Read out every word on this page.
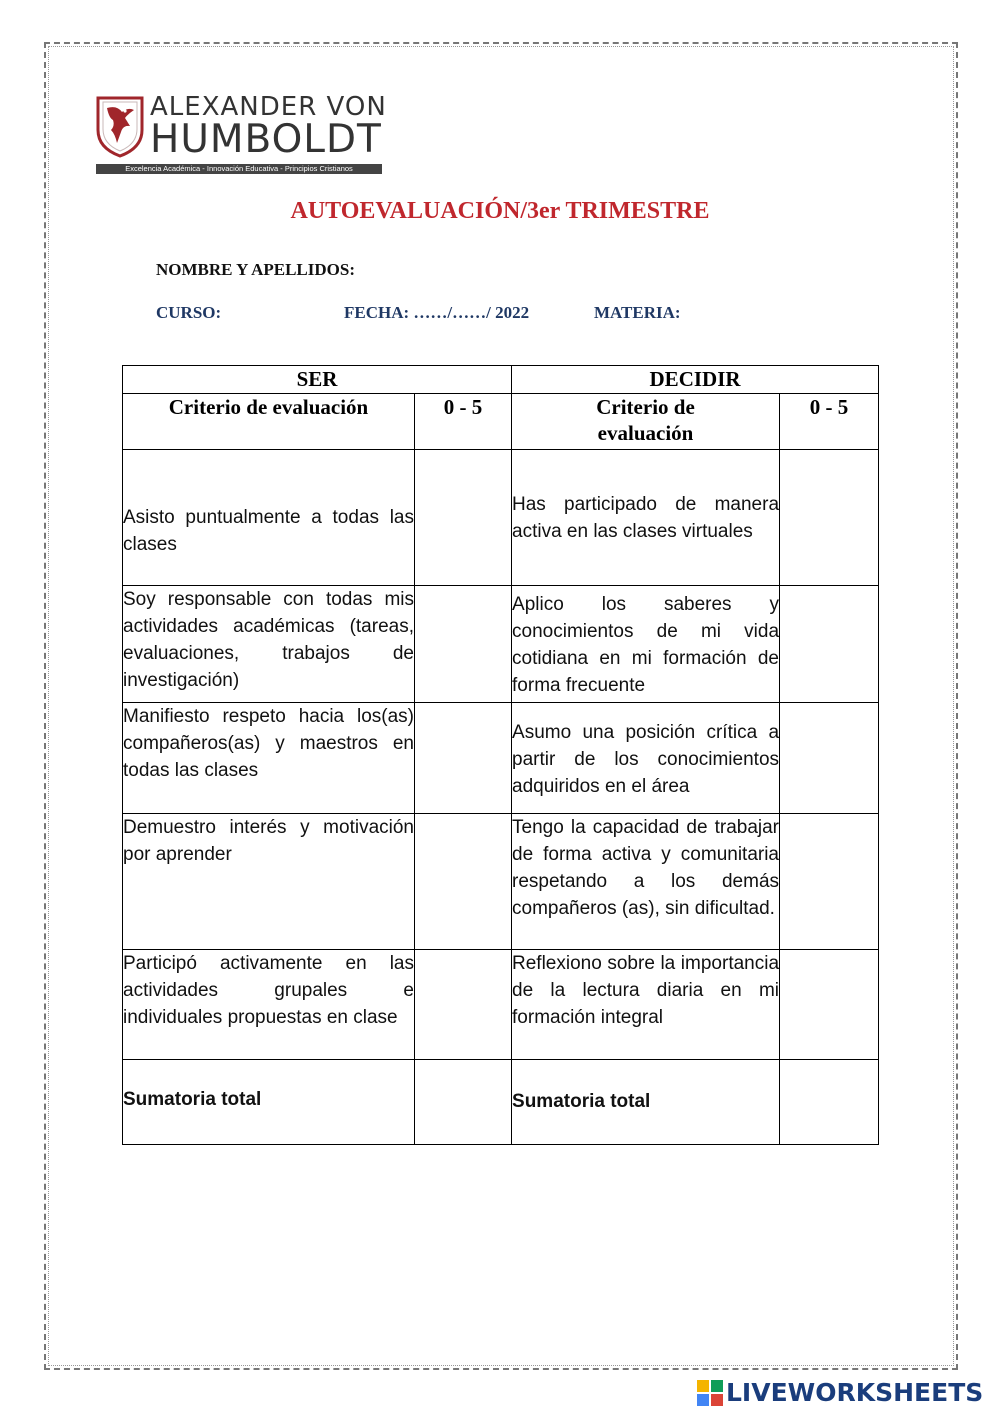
ALEXANDER VON
HUMBOLDT
Excelencia Académica - Innovación Educativa - Principios Cristianos
AUTOEVALUACIÓN/3er TRIMESTRE
NOMBRE Y APELLIDOS:
CURSO:	FECHA: ……/……/ 2022	MATERIA:
SER		DECIDIR	
Criterio de evaluación	0 - 5	Criterio de evaluación	0 - 5
Asisto puntualmente a todas las clases		Has participado de manera activa en las clases virtuales	
Soy responsable con todas mis actividades académicas (tareas, evaluaciones, trabajos de investigación)		Aplico los saberes y conocimientos de mi vida cotidiana en mi formación de forma frecuente	
Manifiesto respeto hacia los(as) compañeros(as) y maestros en todas las clases		Asumo una posición crítica a partir de los conocimientos adquiridos en el área	
Demuestro interés y motivación por aprender		Tengo la capacidad de trabajar de forma activa y comunitaria respetando a los demás compañeros (as), sin dificultad.	
Participó activamente en las actividades grupales e individuales propuestas en clase		Reflexiono sobre la importancia de la lectura diaria en mi formación integral	
Sumatoria total		Sumatoria total	
LIVEWORKSHEETS
